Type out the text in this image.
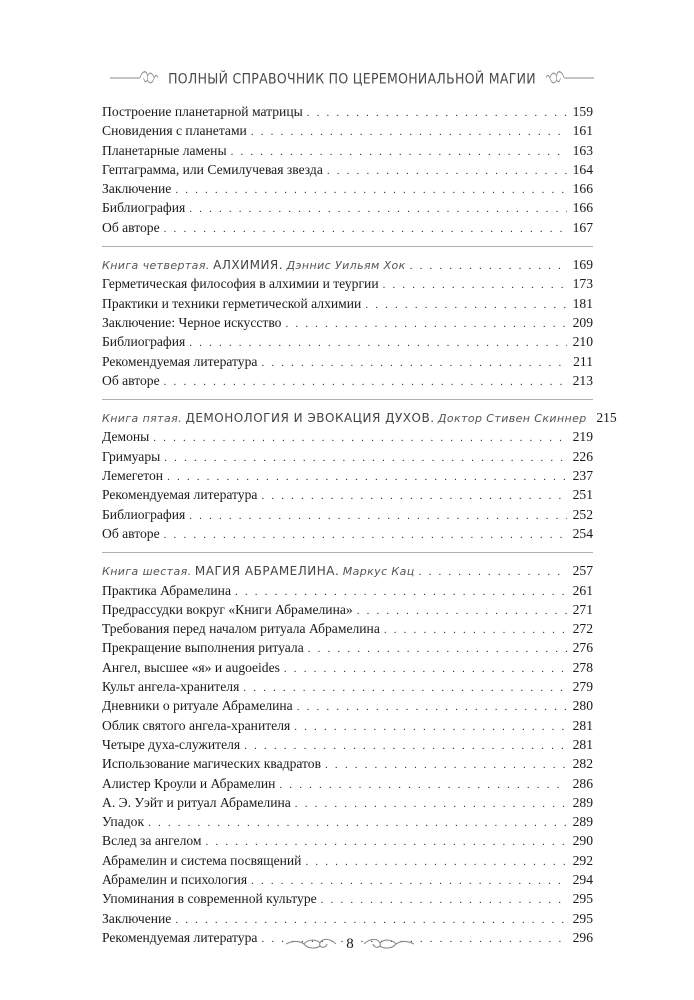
ПОЛНЫЙ СПРАВОЧНИК ПО ЦЕРЕМОНИАЛЬНОЙ МАГИИ
Построение планетарной матрицы . . .	159
Сновидения с планетами . . .	161
Планетарные ламены . . .	163
Гептаграмма, или Семилучевая звезда . . .	164
Заключение . . .	166
Библиография . . .	166
Об авторе . . .	167
Книга четвертая. АЛХИМИЯ. Дэннис Уильям Хок . . .	169
Герметическая философия в алхимии и теургии . . .	173
Практики и техники герметической алхимии . . .	181
Заключение: Черное искусство . . .	209
Библиография . . .	210
Рекомендуемая литература . . .	211
Об авторе . . .	213
Книга пятая. ДЕМОНОЛОГИЯ И ЭВОКАЦИЯ ДУХОВ. Доктор Стивен Скиннер 215
Демоны . . .	219
Гримуары . . .	226
Лемегетон . . .	237
Рекомендуемая литература . . .	251
Библиография . . .	252
Об авторе . . .	254
Книга шестая. МАГИЯ АБРАМЕЛИНА. Маркус Кац . . .	257
Практика Абрамелина . . .	261
Предрассудки вокруг «Книги Абрамелина» . . .	271
Требования перед началом ритуала Абрамелина . . .	272
Прекращение выполнения ритуала . . .	276
Ангел, высшее «я» и augoeides . . .	278
Культ ангела-хранителя . . .	279
Дневники о ритуале Абрамелина . . .	280
Облик святого ангела-хранителя . . .	281
Четыре духа-служителя . . .	281
Использование магических квадратов . . .	282
Алистер Кроули и Абрамелин . . .	286
А. Э. Уэйт и ритуал Абрамелина . . .	289
Упадок . . .	289
Вслед за ангелом . . .	290
Абрамелин и система посвящений . . .	292
Абрамелин и психология . . .	294
Упоминания в современной культуре . . .	295
Заключение . . .	295
Рекомендуемая литература . . .	296
8
